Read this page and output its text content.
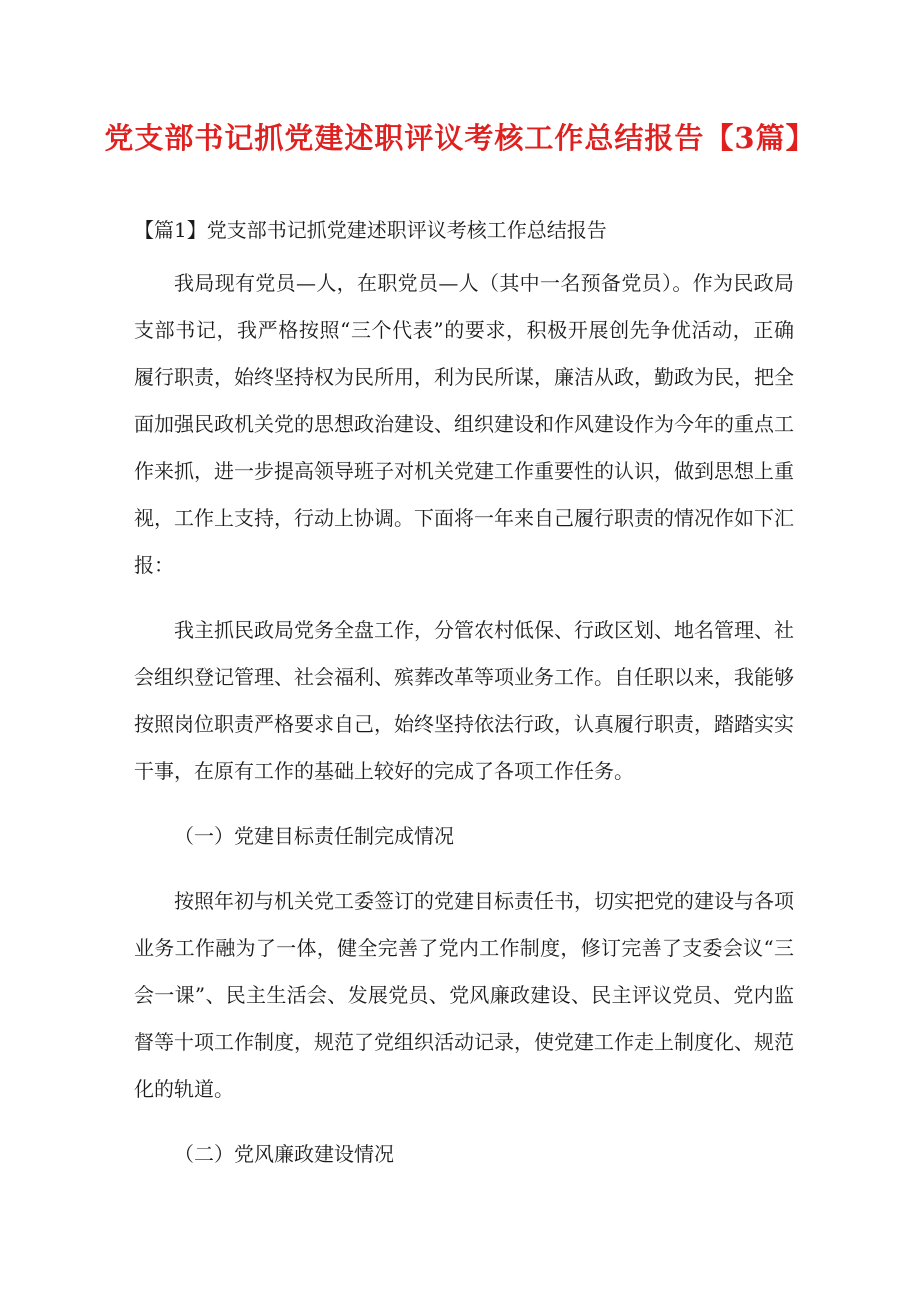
党支部书记抓党建述职评议考核工作总结报告【3篇】
【篇1】党支部书记抓党建述职评议考核工作总结报告

我局现有党员—人，在职党员—人（其中一名预备党员）。作为民政局支部书记，我严格按照“三个代表”的要求，积极开展创先争优活动，正确履行职责，始终坚持权为民所用，利为民所谋，廉洁从政，勤政为民，把全面加强民政机关党的思想政治建设、组织建设和作风建设作为今年的重点工作来抓，进一步提高领导班子对机关党建工作重要性的认识，做到思想上重视，工作上支持，行动上协调。下面将一年来自己履行职责的情况作如下汇报：

我主抓民政局党务全盘工作，分管农村低保、行政区划、地名管理、社会组织登记管理、社会福利、殡葬改革等项业务工作。自任职以来，我能够按照岗位职责严格要求自己，始终坚持依法行政，认真履行职责，踏踏实实干事，在原有工作的基础上较好的完成了各项工作任务。

（一）党建目标责任制完成情况

按照年初与机关党工委签订的党建目标责任书，切实把党的建设与各项业务工作融为了一体，健全完善了党内工作制度，修订完善了支委会议“三会一课”、民主生活会、发展党员、党风廉政建设、民主评议党员、党内监督等十项工作制度，规范了党组织活动记录，使党建工作走上制度化、规范化的轨道。

（二）党风廉政建设情况
